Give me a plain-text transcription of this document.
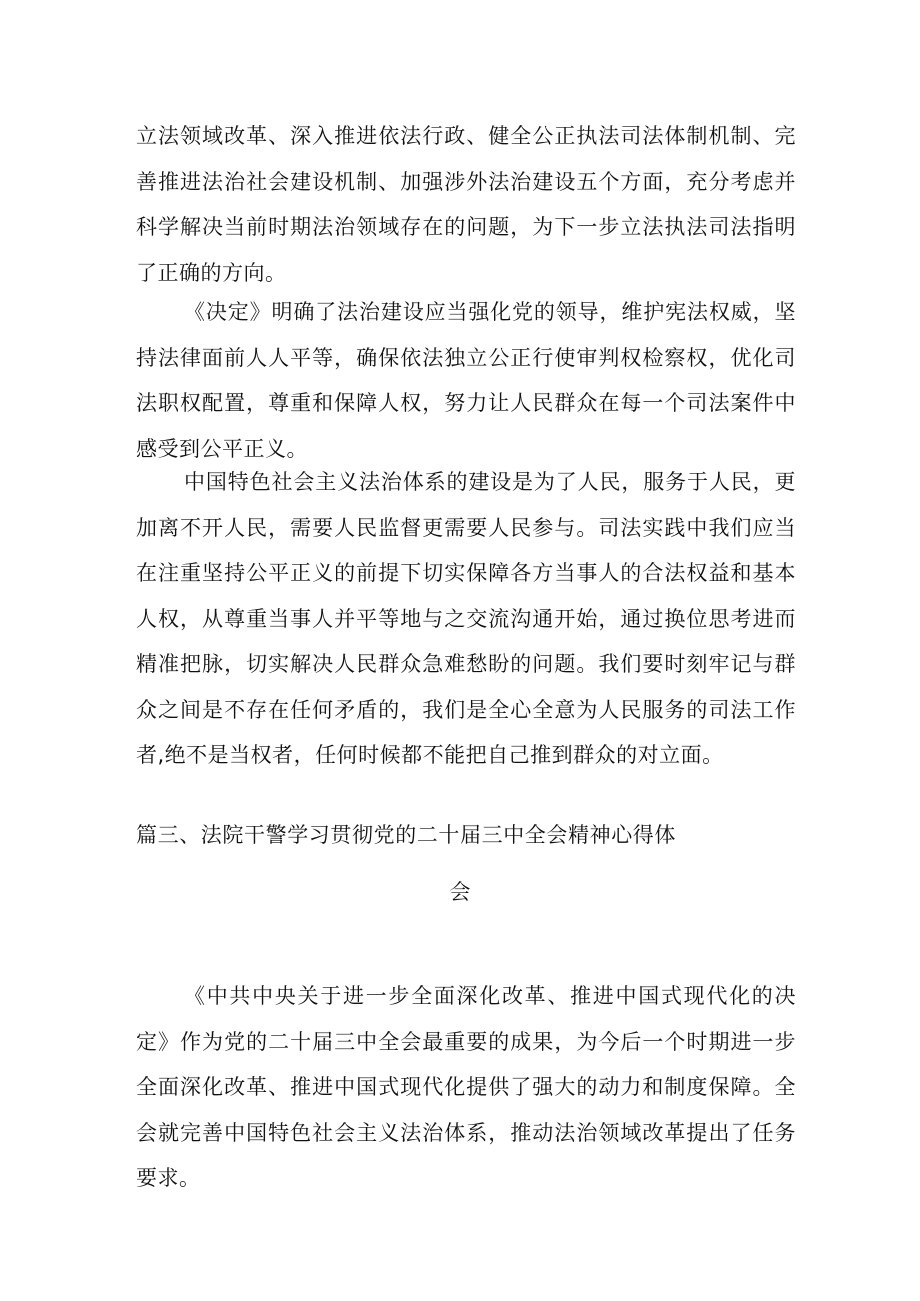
立法领域改革、深入推进依法行政、健全公正执法司法体制机制、完善推进法治社会建设机制、加强涉外法治建设五个方面，充分考虑并科学解决当前时期法治领域存在的问题，为下一步立法执法司法指明了正确的方向。

《决定》明确了法治建设应当强化党的领导，维护宪法权威，坚持法律面前人人平等，确保依法独立公正行使审判权检察权，优化司法职权配置，尊重和保障人权，努力让人民群众在每一个司法案件中感受到公平正义。

中国特色社会主义法治体系的建设是为了人民，服务于人民，更加离不开人民，需要人民监督更需要人民参与。司法实践中我们应当在注重坚持公平正义的前提下切实保障各方当事人的合法权益和基本人权，从尊重当事人并平等地与之交流沟通开始，通过换位思考进而精准把脉，切实解决人民群众急难愁盼的问题。我们要时刻牢记与群众之间是不存在任何矛盾的，我们是全心全意为人民服务的司法工作者,绝不是当权者，任何时候都不能把自己推到群众的对立面。

篇三、法院干警学习贯彻党的二十届三中全会精神心得体

会

《中共中央关于进一步全面深化改革、推进中国式现代化的决定》作为党的二十届三中全会最重要的成果，为今后一个时期进一步全面深化改革、推进中国式现代化提供了强大的动力和制度保障。全会就完善中国特色社会主义法治体系，推动法治领域改革提出了任务要求。
